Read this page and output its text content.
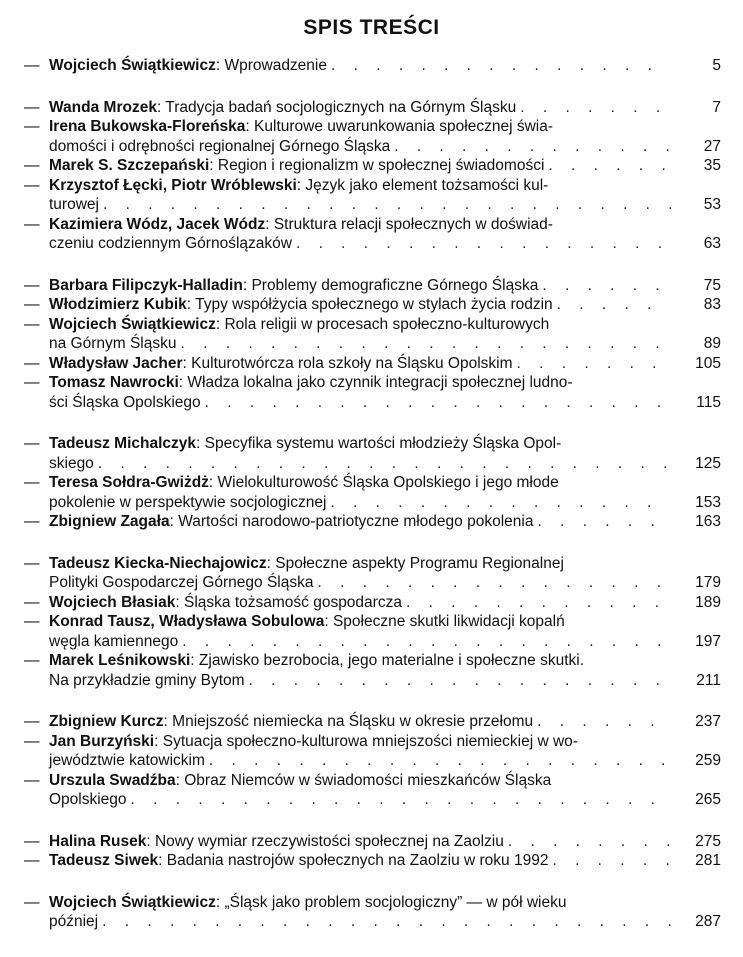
SPIS TREŚCI
— Wojciech Świątkiewicz: Wprowadzenie . . .	5
— Wanda Mrozek: Tradycja badań socjologicznych na Górnym Śląsku . . .	7
— Irena Bukowska-Floreńska: Kulturowe uwarunkowania społecznej świa-
domości i odrębności regionalnej Górnego Śląska . . .	27
— Marek S. Szczepański: Region i regionalizm w społecznej świadomości . . .	35
— Krzysztof Łęcki, Piotr Wróblewski: Język jako element tożsamości kul-
turowej . . .	53
— Kazimiera Wódz, Jacek Wódz: Struktura relacji społecznych w doświad-
czeniu codziennym Górnoślązaków . . .	63
— Barbara Filipczyk-Halladin: Problemy demograficzne Górnego Śląska . . .	75
— Włodzimierz Kubik: Typy współżycia społecznego w stylach życia rodzin . . .	83
— Wojciech Świątkiewicz: Rola religii w procesach społeczno-kulturowych
na Górnym Śląsku . . .	89
— Władysław Jacher: Kulturotwórcza rola szkoły na Śląsku Opolskim . . .	105
— Tomasz Nawrocki: Władza lokalna jako czynnik integracji społecznej ludno-
ści Śląska Opolskiego . . .	115
— Tadeusz Michalczyk: Specyfika systemu wartości młodzieży Śląska Opol-
skiego . . .	125
— Teresa Sołdra-Gwiżdż: Wielokulturowość Śląska Opolskiego i jego młode
pokolenie w perspektywie socjologicznej . . .	153
— Zbigniew Zagała: Wartości narodowo-patriotyczne młodego pokolenia . . .	163
— Tadeusz Kiecka-Niechajowicz: Społeczne aspekty Programu Regionalnej
Polityki Gospodarczej Górnego Śląska . . .	179
— Wojciech Błasiak: Śląska tożsamość gospodarcza . . .	189
— Konrad Tausz, Władysława Sobulowa: Społeczne skutki likwidacji kopalń
węgla kamiennego . . .	197
— Marek Leśnikowski: Zjawisko bezrobocia, jego materialne i społeczne skutki.
Na przykładzie gminy Bytom . . .	211
— Zbigniew Kurcz: Mniejszość niemiecka na Śląsku w okresie przełomu . . .	237
— Jan Burzyński: Sytuacja społeczno-kulturowa mniejszości niemieckiej w wo-
jewództwie katowickim . . .	259
— Urszula Swadźba: Obraz Niemców w świadomości mieszkańców Śląska
Opolskiego . . .	265
— Halina Rusek: Nowy wymiar rzeczywistości społecznej na Zaolziu . . .	275
— Tadeusz Siwek: Badania nastrojów społecznych na Zaolziu w roku 1992 . . .	281
— Wojciech Świątkiewicz: „Śląsk jako problem socjologiczny” — w pół wieku
później . . .	287
